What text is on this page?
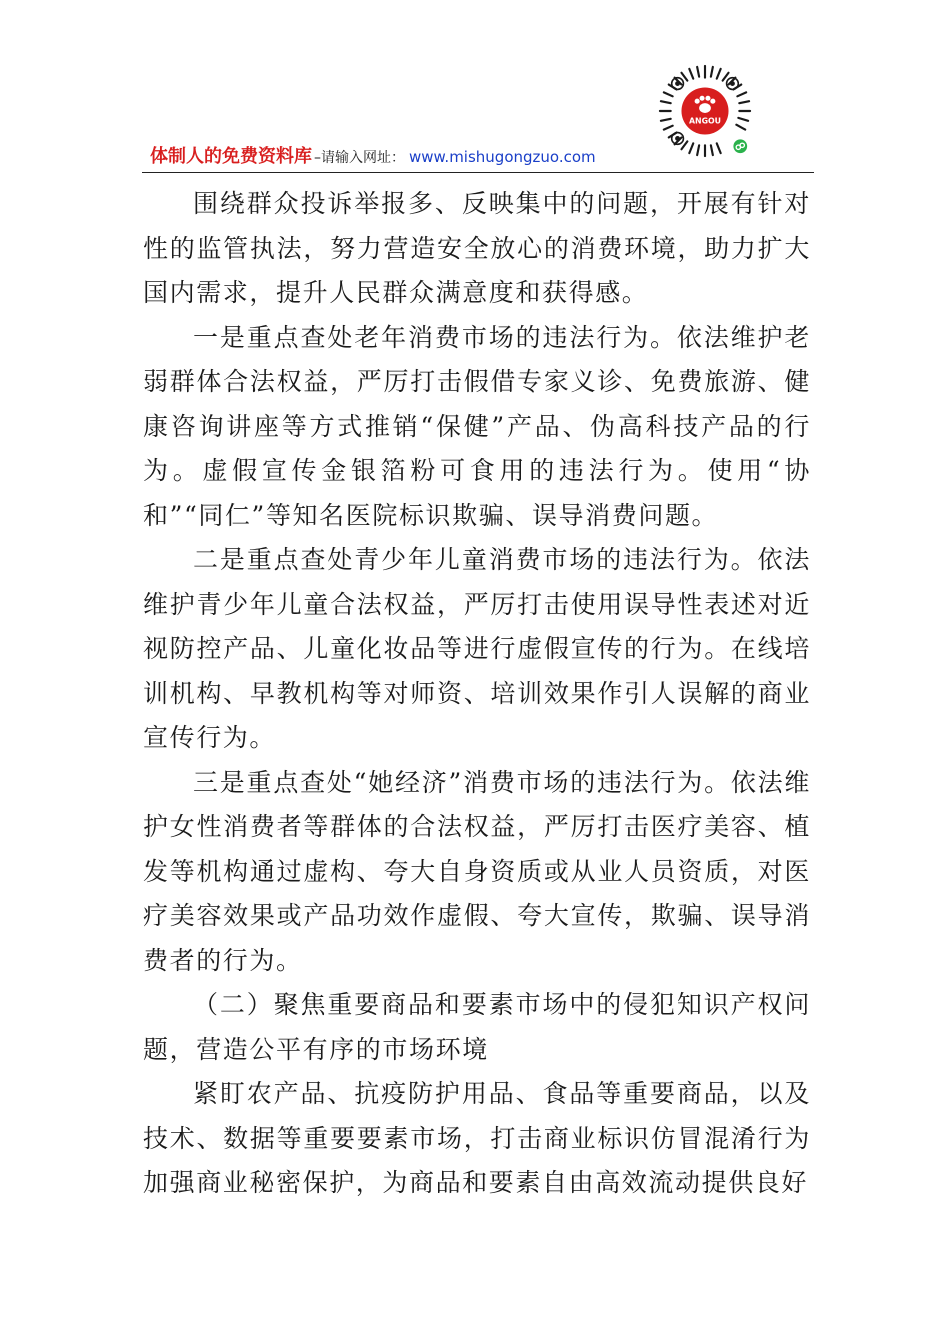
ANGOU
体制人的免费资料库 –请输入网址： www.mishugongzuo.com

围绕群众投诉举报多、反映集中的问题，开展有针对性的监管执法，努力营造安全放心的消费环境，助力扩大国内需求，提升人民群众满意度和获得感。

一是重点查处老年消费市场的违法行为。依法维护老弱群体合法权益，严厉打击假借专家义诊、免费旅游、健康咨询讲座等方式推销“保健”产品、伪高科技产品的行为。虚假宣传金银箔粉可食用的违法行为。使用“协和”“同仁”等知名医院标识欺骗、误导消费问题。

二是重点查处青少年儿童消费市场的违法行为。依法维护青少年儿童合法权益，严厉打击使用误导性表述对近视防控产品、儿童化妆品等进行虚假宣传的行为。在线培训机构、早教机构等对师资、培训效果作引人误解的商业宣传行为。

三是重点查处“她经济”消费市场的违法行为。依法维护女性消费者等群体的合法权益，严厉打击医疗美容、植发等机构通过虚构、夸大自身资质或从业人员资质，对医疗美容效果或产品功效作虚假、夸大宣传，欺骗、误导消费者的行为。

（二）聚焦重要商品和要素市场中的侵犯知识产权问题，营造公平有序的市场环境

紧盯农产品、抗疫防护用品、食品等重要商品，以及技术、数据等重要要素市场，打击商业标识仿冒混淆行为加强商业秘密保护，为商品和要素自由高效流动提供良好
